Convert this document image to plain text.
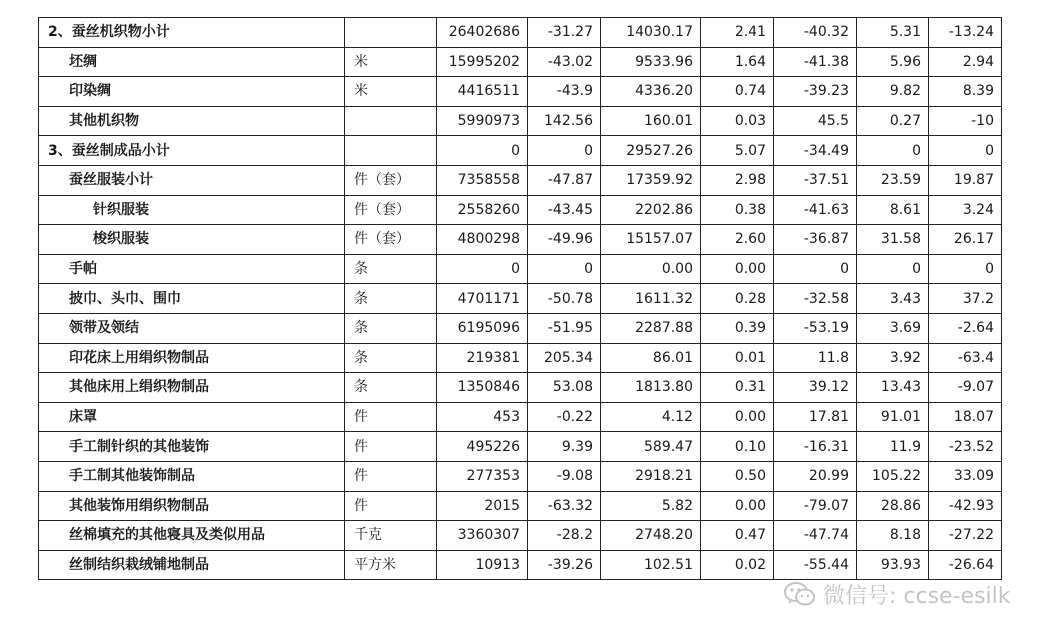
2、蚕丝机织物小计		26402686	-31.27	14030.17	2.41	-40.32	5.31	-13.24
坯绸	米	15995202	-43.02	9533.96	1.64	-41.38	5.96	2.94
印染绸	米	4416511	-43.9	4336.20	0.74	-39.23	9.82	8.39
其他机织物		5990973	142.56	160.01	0.03	45.5	0.27	-10
3、蚕丝制成品小计		0	0	29527.26	5.07	-34.49	0	0
蚕丝服装小计	件（套）	7358558	-47.87	17359.92	2.98	-37.51	23.59	19.87
针织服装	件（套）	2558260	-43.45	2202.86	0.38	-41.63	8.61	3.24
梭织服装	件（套）	4800298	-49.96	15157.07	2.60	-36.87	31.58	26.17
手帕	条	0	0	0.00	0.00	0	0	0
披巾、头巾、围巾	条	4701171	-50.78	1611.32	0.28	-32.58	3.43	37.2
领带及领结	条	6195096	-51.95	2287.88	0.39	-53.19	3.69	-2.64
印花床上用绢织物制品	条	219381	205.34	86.01	0.01	11.8	3.92	-63.4
其他床用上绢织物制品	条	1350846	53.08	1813.80	0.31	39.12	13.43	-9.07
床罩	件	453	-0.22	4.12	0.00	17.81	91.01	18.07
手工制针织的其他装饰	件	495226	9.39	589.47	0.10	-16.31	11.9	-23.52
手工制其他装饰制品	件	277353	-9.08	2918.21	0.50	20.99	105.22	33.09
其他装饰用绢织物制品	件	2015	-63.32	5.82	0.00	-79.07	28.86	-42.93
丝棉填充的其他寝具及类似用品	千克	3360307	-28.2	2748.20	0.47	-47.74	8.18	-27.22
丝制结织栽绒铺地制品	平方米	10913	-39.26	102.51	0.02	-55.44	93.93	-26.64
微信号: ccse-esilk
